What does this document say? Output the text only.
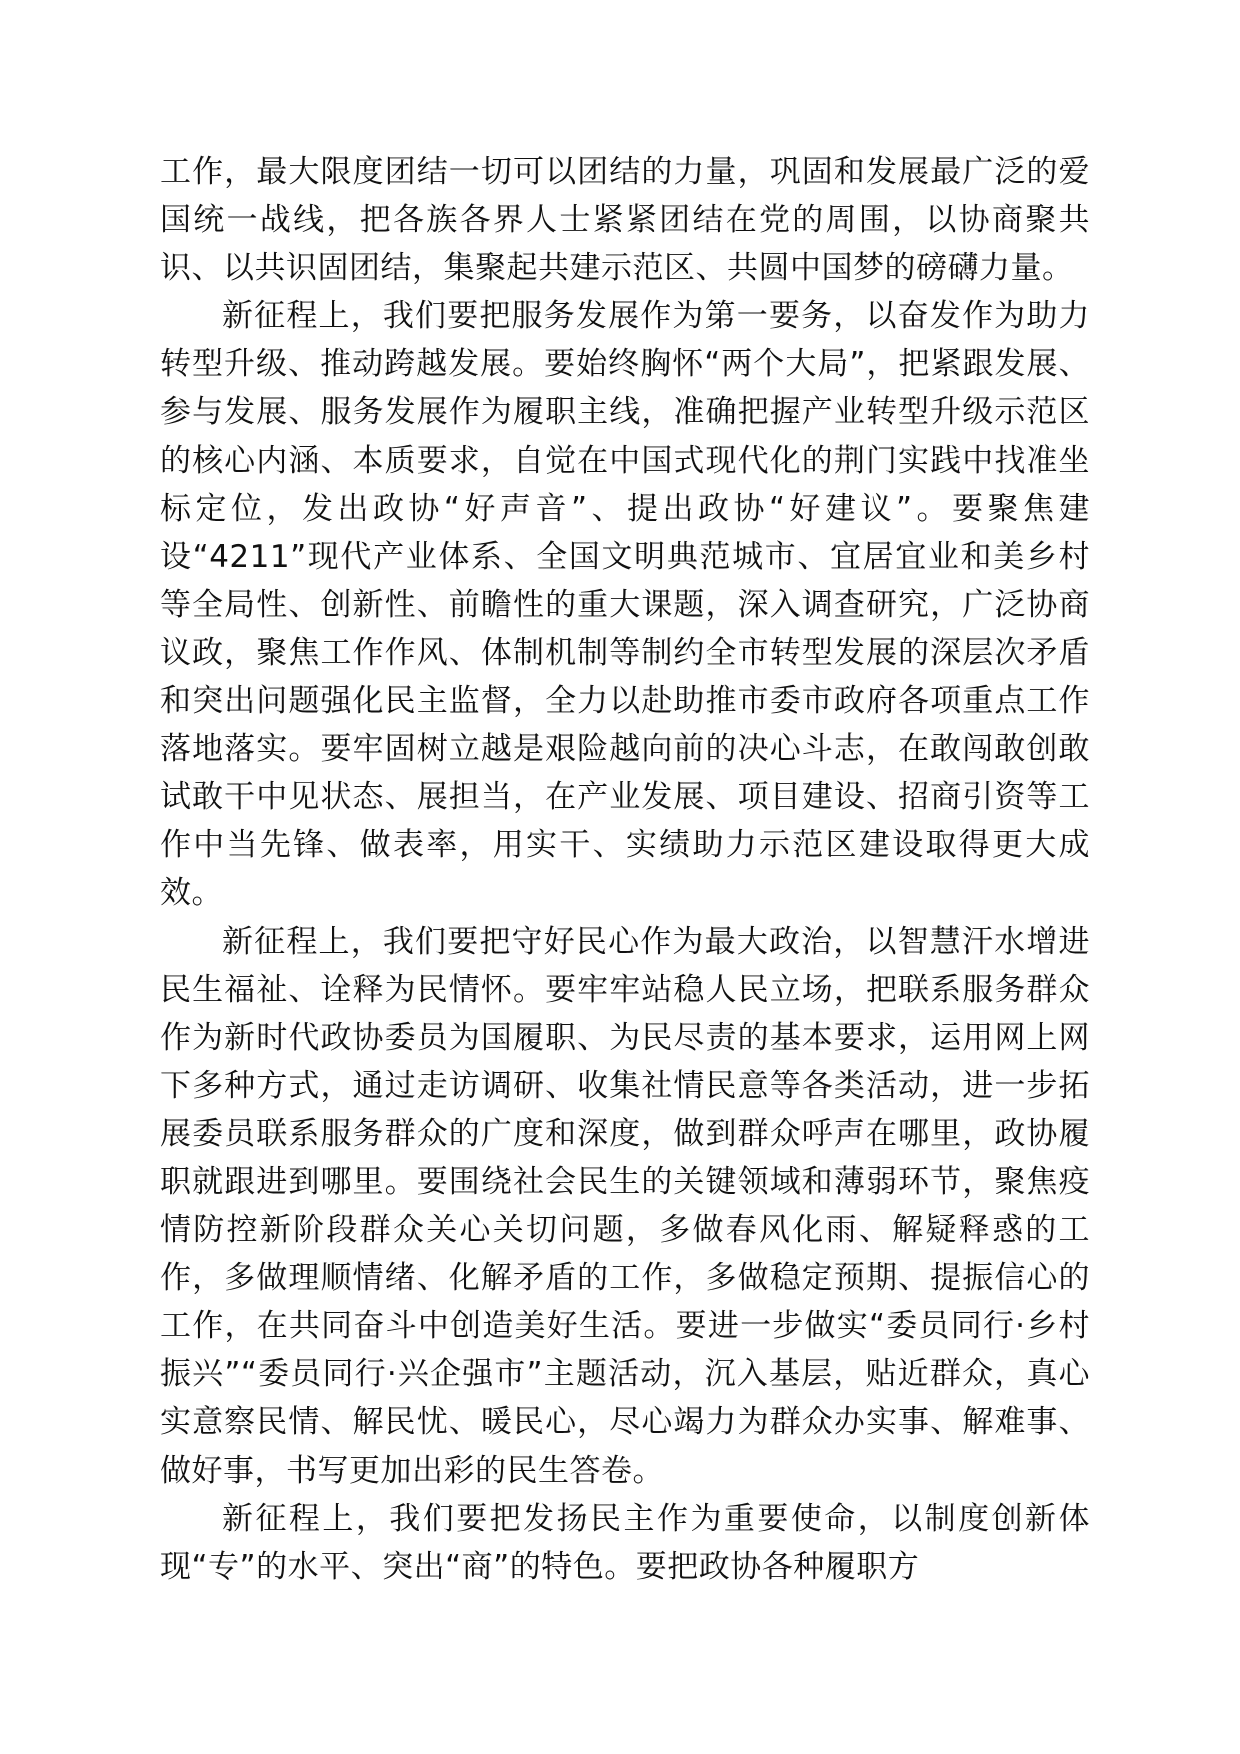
工作，最大限度团结一切可以团结的力量，巩固和发展最广泛的爱国统一战线，把各族各界人士紧紧团结在党的周围，以协商聚共识、以共识固团结，集聚起共建示范区、共圆中国梦的磅礴力量。

新征程上，我们要把服务发展作为第一要务，以奋发作为助力转型升级、推动跨越发展。要始终胸怀“两个大局”，把紧跟发展、参与发展、服务发展作为履职主线，准确把握产业转型升级示范区的核心内涵、本质要求，自觉在中国式现代化的荆门实践中找准坐标定位，发出政协“好声音”、提出政协“好建议”。要聚焦建设“4211”现代产业体系、全国文明典范城市、宜居宜业和美乡村等全局性、创新性、前瞻性的重大课题，深入调查研究，广泛协商议政，聚焦工作作风、体制机制等制约全市转型发展的深层次矛盾和突出问题强化民主监督，全力以赴助推市委市政府各项重点工作落地落实。要牢固树立越是艰险越向前的决心斗志，在敢闯敢创敢试敢干中见状态、展担当，在产业发展、项目建设、招商引资等工作中当先锋、做表率，用实干、实绩助力示范区建设取得更大成效。

新征程上，我们要把守好民心作为最大政治，以智慧汗水增进民生福祉、诠释为民情怀。要牢牢站稳人民立场，把联系服务群众作为新时代政协委员为国履职、为民尽责的基本要求，运用网上网下多种方式，通过走访调研、收集社情民意等各类活动，进一步拓展委员联系服务群众的广度和深度，做到群众呼声在哪里，政协履职就跟进到哪里。要围绕社会民生的关键领域和薄弱环节，聚焦疫情防控新阶段群众关心关切问题，多做春风化雨、解疑释惑的工作，多做理顺情绪、化解矛盾的工作，多做稳定预期、提振信心的工作，在共同奋斗中创造美好生活。要进一步做实“委员同行·乡村振兴”“委员同行·兴企强市”主题活动，沉入基层，贴近群众，真心实意察民情、解民忧、暖民心，尽心竭力为群众办实事、解难事、做好事，书写更加出彩的民生答卷。

新征程上，我们要把发扬民主作为重要使命，以制度创新体现“专”的水平、突出“商”的特色。要把政协各种履职方
